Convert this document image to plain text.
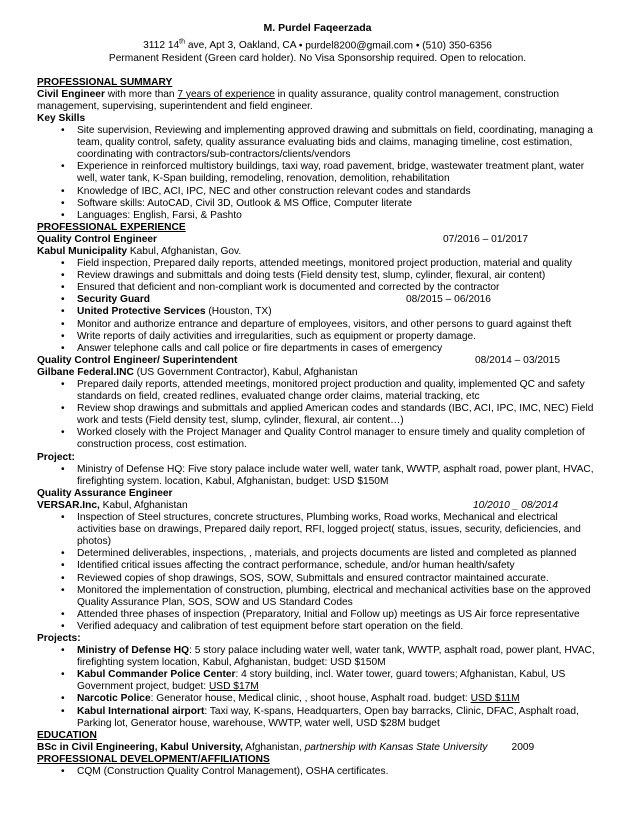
M. Purdel Faqeerzada
3112 14th ave, Apt 3, Oakland, CA • purdel8200@gmail.com • (510) 350-6356
Permanent Resident (Green card holder). No Visa Sponsorship required. Open to relocation.
PROFESSIONAL SUMMARY
Civil Engineer with more than 7 years of experience in quality assurance, quality control management, construction management, supervising, superintendent and field engineer.
Key Skills
• Site supervision, Reviewing and implementing approved drawing and submittals on field, coordinating, managing a team, quality control, safety, quality assurance evaluating bids and claims, managing timeline, cost estimation, coordinating with contractors/sub-contractors/clients/vendors
• Experience in reinforced multistory buildings, taxi way, road pavement, bridge, wastewater treatment plant, water well, water tank, K-Span building, remodeling, renovation, demolition, rehabilitation
• Knowledge of IBC, ACI, IPC, NEC and other construction relevant codes and standards
• Software skills: AutoCAD, Civil 3D, Outlook & MS Office, Computer literate
• Languages: English, Farsi, & Pashto
PROFESSIONAL EXPERIENCE
Quality Control Engineer	07/2016 – 01/2017
Kabul Municipality Kabul, Afghanistan, Gov.
• Field inspection, Prepared daily reports, attended meetings, monitored project production, material and quality
• Review drawings and submittals and doing tests (Field density test, slump, cylinder, flexural, air content)
• Ensured that deficient and non-compliant work is documented and corrected by the contractor
• Security Guard	08/2015 – 06/2016
• United Protective Services (Houston, TX)
• Monitor and authorize entrance and departure of employees, visitors, and other persons to guard against theft
• Write reports of daily activities and irregularities, such as equipment or property damage.
• Answer telephone calls and call police or fire departments in cases of emergency
Quality Control Engineer/ Superintendent	08/2014 – 03/2015
Gilbane Federal.INC (US Government Contractor), Kabul, Afghanistan
• Prepared daily reports, attended meetings, monitored project production and quality, implemented QC and safety standards on field, created redlines, evaluated change order claims, material tracking, etc
• Review shop drawings and submittals and applied American codes and standards (IBC, ACI, IPC, IMC, NEC) Field work and tests (Field density test, slump, cylinder, flexural, air content…)
• Worked closely with the Project Manager and Quality Control manager to ensure timely and quality completion of construction process, cost estimation.
Project:
• Ministry of Defense HQ: Five story palace include water well, water tank, WWTP, asphalt road, power plant, HVAC, firefighting system. location, Kabul, Afghanistan, budget: USD $150M
Quality Assurance Engineer
VERSAR.Inc, Kabul, Afghanistan	10/2010 _ 08/2014
• Inspection of Steel structures, concrete structures, Plumbing works, Road works, Mechanical and electrical activities base on drawings, Prepared daily report, RFI, logged project( status, issues, security, deficiencies, and photos)
• Determined deliverables, inspections, , materials, and projects documents are listed and completed as planned
• Identified critical issues affecting the contract performance, schedule, and/or human health/safety
• Reviewed copies of shop drawings, SOS, SOW, Submittals and ensured contractor maintained accurate.
• Monitored the implementation of construction, plumbing, electrical and mechanical activities base on the approved Quality Assurance Plan, SOS, SOW and US Standard Codes
• Attended three phases of inspection (Preparatory, Initial and Follow up) meetings as US Air force representative
• Verified adequacy and calibration of test equipment before start operation on the field.
Projects:
• Ministry of Defense HQ: 5 story palace including water well, water tank, WWTP, asphalt road, power plant, HVAC, firefighting system location, Kabul, Afghanistan, budget: USD $150M
• Kabul Commander Police Center: 4 story building, incl. Water tower, guard towers; Afghanistan, Kabul, US Government project, budget: USD $17M
• Narcotic Police: Generator house, Medical clinic, , shoot house, Asphalt road. budget: USD $11M
• Kabul International airport: Taxi way, K-spans, Headquarters, Open bay barracks, Clinic, DFAC, Asphalt road, Parking lot, Generator house, warehouse, WWTP, water well, USD $28M budget
EDUCATION
BSc in Civil Engineering, Kabul University, Afghanistan, partnership with Kansas State University 2009
PROFESSIONAL DEVELOPMENT/AFFILIATIONS
• CQM (Construction Quality Control Management), OSHA certificates.
